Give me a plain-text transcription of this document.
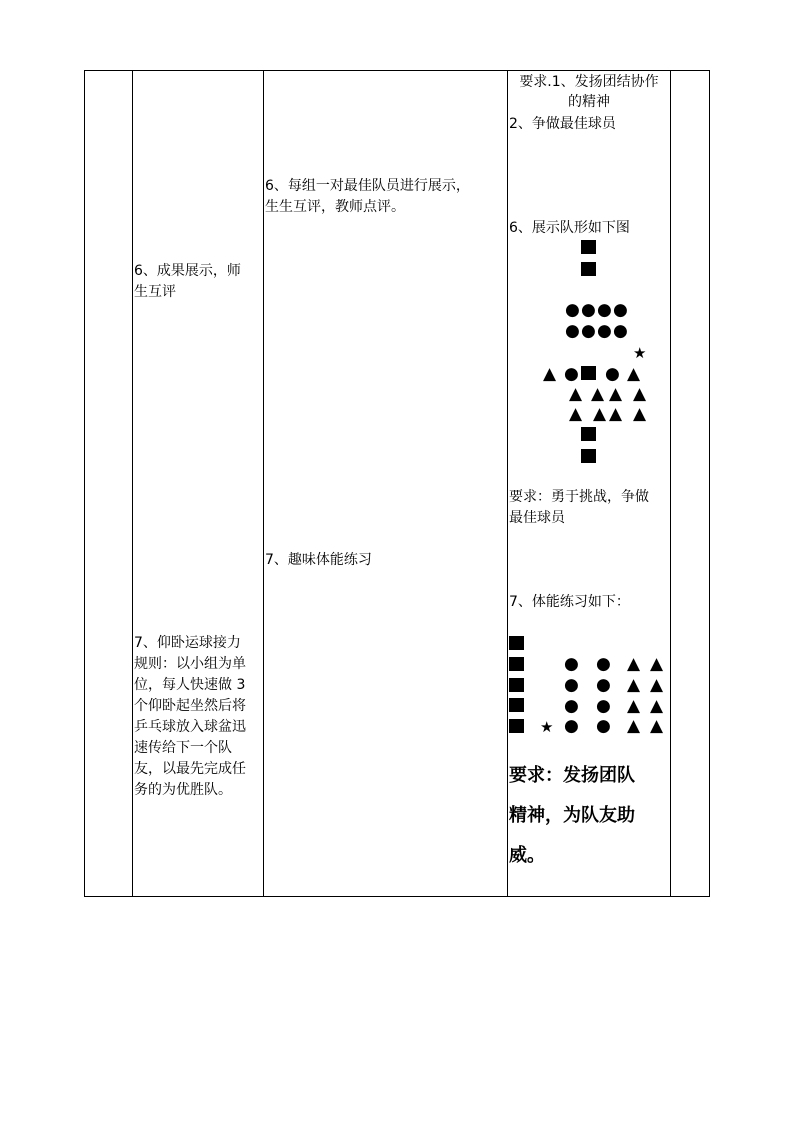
6、成果展示，师
生互评
7、仰卧运球接力
规则：以小组为单
位，每人快速做 3
个仰卧起坐然后将
乒乓球放入球盆迅
速传给下一个队
友，以最先完成任
务的为优胜队。
6、每组一对最佳队员进行展示，
生生互评，教师点评。
7、趣味体能练习
要求.1、发扬团结协作
的精神
2、争做最佳球员
6、展示队形如下图
● ● ● ●
● ● ● ●
★
▲ ● ● ▲
▲ ▲ ▲ ▲
▲ ▲ ▲ ▲
要求：勇于挑战，争做
最佳球员
7、体能练习如下：
● ● ▲ ▲
● ● ▲ ▲
● ● ▲ ▲
★ ● ● ▲ ▲
要求：发扬团队
精神，为队友助
威。
